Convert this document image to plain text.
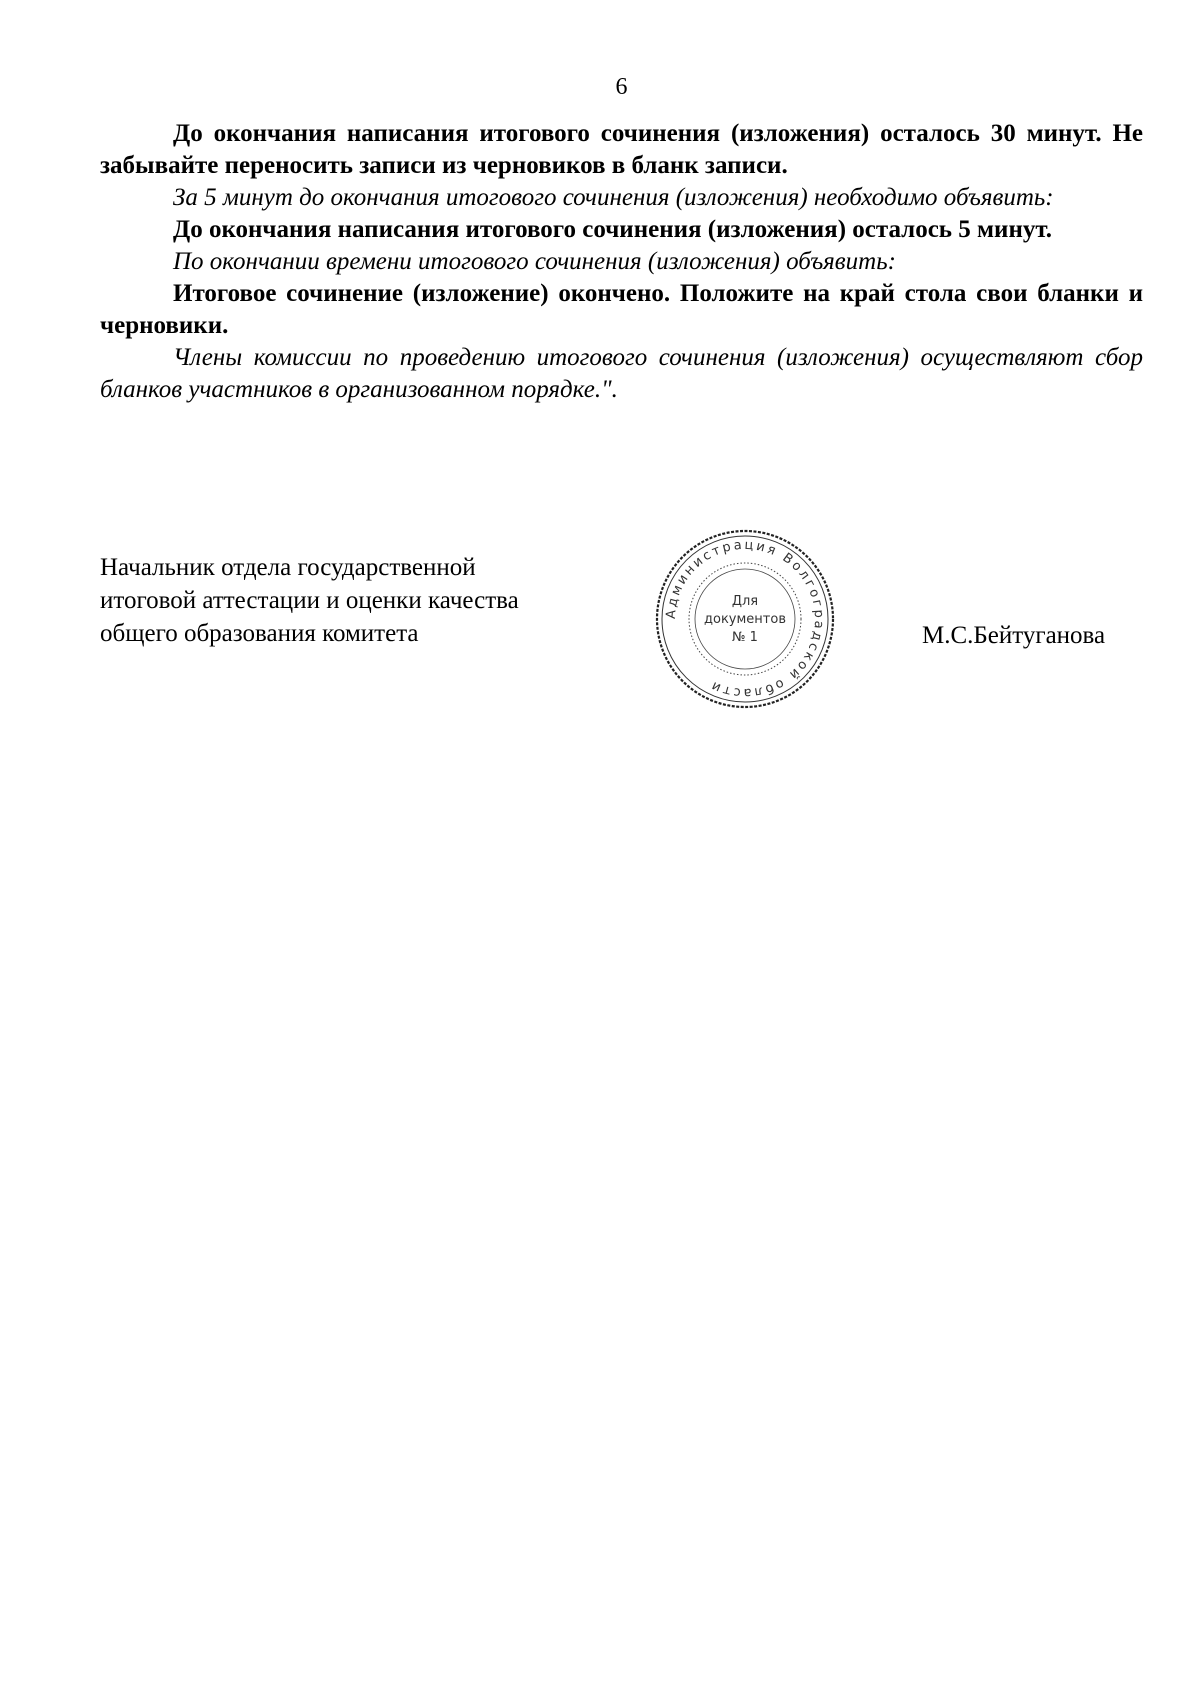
6

До окончания написания итогового сочинения (изложения) осталось 30 минут. Не забывайте переносить записи из черновиков в бланк записи.

За 5 минут до окончания итогового сочинения (изложения) необходимо объявить:

До окончания написания итогового сочинения (изложения) осталось 5 минут.

По окончании времени итогового сочинения (изложения) объявить:

Итоговое сочинение (изложение) окончено. Положите на край стола свои бланки и черновики.

Члены комиссии по проведению итогового сочинения (изложения) осуществляют сбор бланков участников в организованном порядке.".

Начальник отдела государственной
итоговой аттестации и оценки качества
общего образования комитета
Администрация Волгоградской области
Для
документов
№ 1	М.С.Бейтуганова
